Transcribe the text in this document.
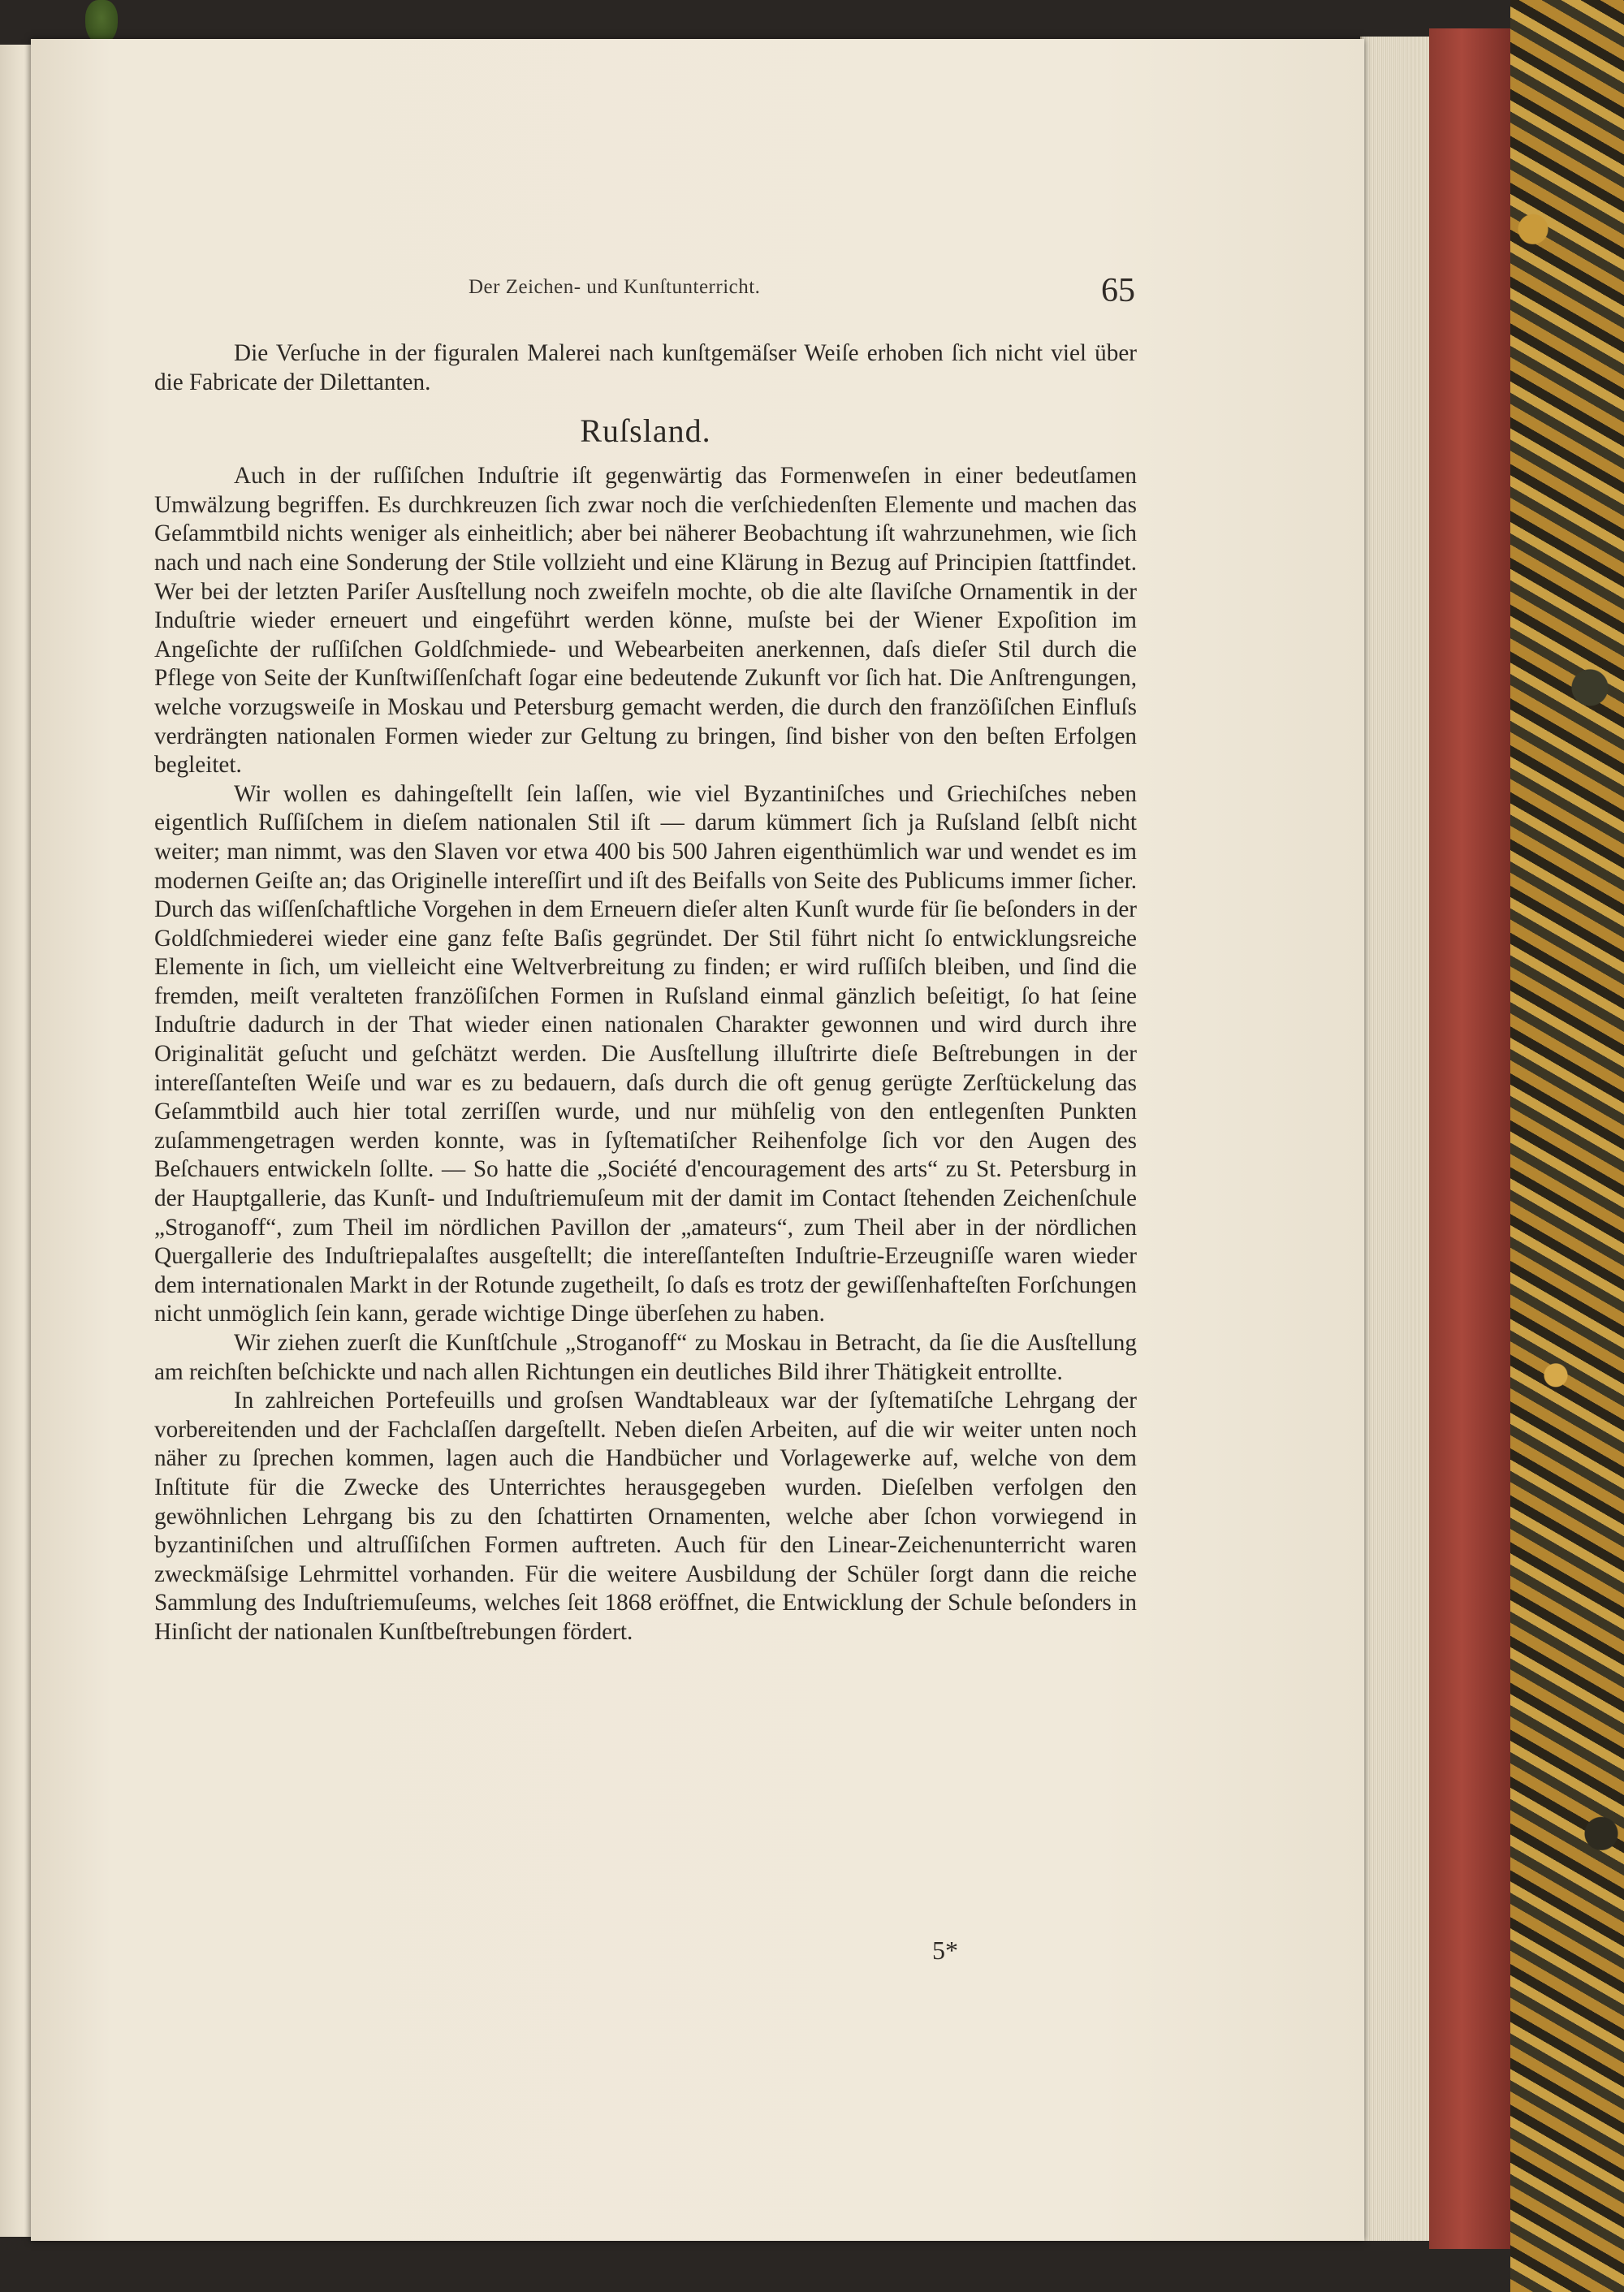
Der Zeichen- und Kunſtunterricht.	65

Die Verſuche in der figuralen Malerei nach kunſtgemäſser Weiſe erhoben ſich nicht viel über die Fabricate der Dilettanten.

Ruſsland.

Auch in der ruſſiſchen Induſtrie iſt gegenwärtig das Formenweſen in einer bedeutſamen Umwälzung begriffen. Es durchkreuzen ſich zwar noch die verſchiedenſten Elemente und machen das Geſammtbild nichts weniger als einheitlich; aber bei näherer Beobachtung iſt wahrzunehmen, wie ſich nach und nach eine Sonderung der Stile vollzieht und eine Klärung in Bezug auf Principien ſtattfindet. Wer bei der letzten Pariſer Ausſtellung noch zweifeln mochte, ob die alte ſlaviſche Ornamentik in der Induſtrie wieder erneuert und eingeführt werden könne, muſste bei der Wiener Expoſition im Angeſichte der ruſſiſchen Goldſchmiede- und Webearbeiten anerkennen, daſs dieſer Stil durch die Pflege von Seite der Kunſtwiſſenſchaft ſogar eine bedeutende Zukunft vor ſich hat. Die Anſtrengungen, welche vorzugsweiſe in Moskau und Petersburg gemacht werden, die durch den franzöſiſchen Einfluſs verdrängten nationalen Formen wieder zur Geltung zu bringen, ſind bisher von den beſten Erfolgen begleitet.

Wir wollen es dahingeſtellt ſein laſſen, wie viel Byzantiniſches und Griechiſches neben eigentlich Ruſſiſchem in dieſem nationalen Stil iſt — darum kümmert ſich ja Ruſsland ſelbſt nicht weiter; man nimmt, was den Slaven vor etwa 400 bis 500 Jahren eigenthümlich war und wendet es im modernen Geiſte an; das Originelle intereſſirt und iſt des Beifalls von Seite des Publicums immer ſicher. Durch das wiſſenſchaftliche Vorgehen in dem Erneuern dieſer alten Kunſt wurde für ſie beſonders in der Goldſchmiederei wieder eine ganz feſte Baſis gegründet. Der Stil führt nicht ſo entwicklungsreiche Elemente in ſich, um vielleicht eine Weltverbreitung zu finden; er wird ruſſiſch bleiben, und ſind die fremden, meiſt veralteten franzöſiſchen Formen in Ruſsland einmal gänzlich beſeitigt, ſo hat ſeine Induſtrie dadurch in der That wieder einen nationalen Charakter gewonnen und wird durch ihre Originalität geſucht und geſchätzt werden. Die Ausſtellung illuſtrirte dieſe Beſtrebungen in der intereſſanteſten Weiſe und war es zu bedauern, daſs durch die oft genug gerügte Zerſtückelung das Geſammtbild auch hier total zerriſſen wurde, und nur mühſelig von den entlegenſten Punkten zuſammengetragen werden konnte, was in ſyſtematiſcher Reihenfolge ſich vor den Augen des Beſchauers entwickeln ſollte. — So hatte die „Société d'encouragement des arts“ zu St. Petersburg in der Hauptgallerie, das Kunſt- und Induſtriemuſeum mit der damit im Contact ſtehenden Zeichenſchule „Stroganoff“, zum Theil im nördlichen Pavillon der „amateurs“, zum Theil aber in der nördlichen Quergallerie des Induſtriepalaſtes ausgeſtellt; die intereſſanteſten Induſtrie-Erzeugniſſe waren wieder dem internationalen Markt in der Rotunde zugetheilt, ſo daſs es trotz der gewiſſenhafteſten Forſchungen nicht unmöglich ſein kann, gerade wichtige Dinge überſehen zu haben.

Wir ziehen zuerſt die Kunſtſchule „Stroganoff“ zu Moskau in Betracht, da ſie die Ausſtellung am reichſten beſchickte und nach allen Richtungen ein deutliches Bild ihrer Thätigkeit entrollte.

In zahlreichen Portefeuills und groſsen Wandtableaux war der ſyſtematiſche Lehrgang der vorbereitenden und der Fachclaſſen dargeſtellt. Neben dieſen Arbeiten, auf die wir weiter unten noch näher zu ſprechen kommen, lagen auch die Handbücher und Vorlagewerke auf, welche von dem Inſtitute für die Zwecke des Unterrichtes herausgegeben wurden. Dieſelben verfolgen den gewöhnlichen Lehrgang bis zu den ſchattirten Ornamenten, welche aber ſchon vorwiegend in byzantiniſchen und altruſſiſchen Formen auftreten. Auch für den Linear-Zeichenunterricht waren zweckmäſsige Lehrmittel vorhanden. Für die weitere Ausbildung der Schüler ſorgt dann die reiche Sammlung des Induſtriemuſeums, welches ſeit 1868 eröffnet, die Entwicklung der Schule beſonders in Hinſicht der nationalen Kunſtbeſtrebungen fördert.

5*
